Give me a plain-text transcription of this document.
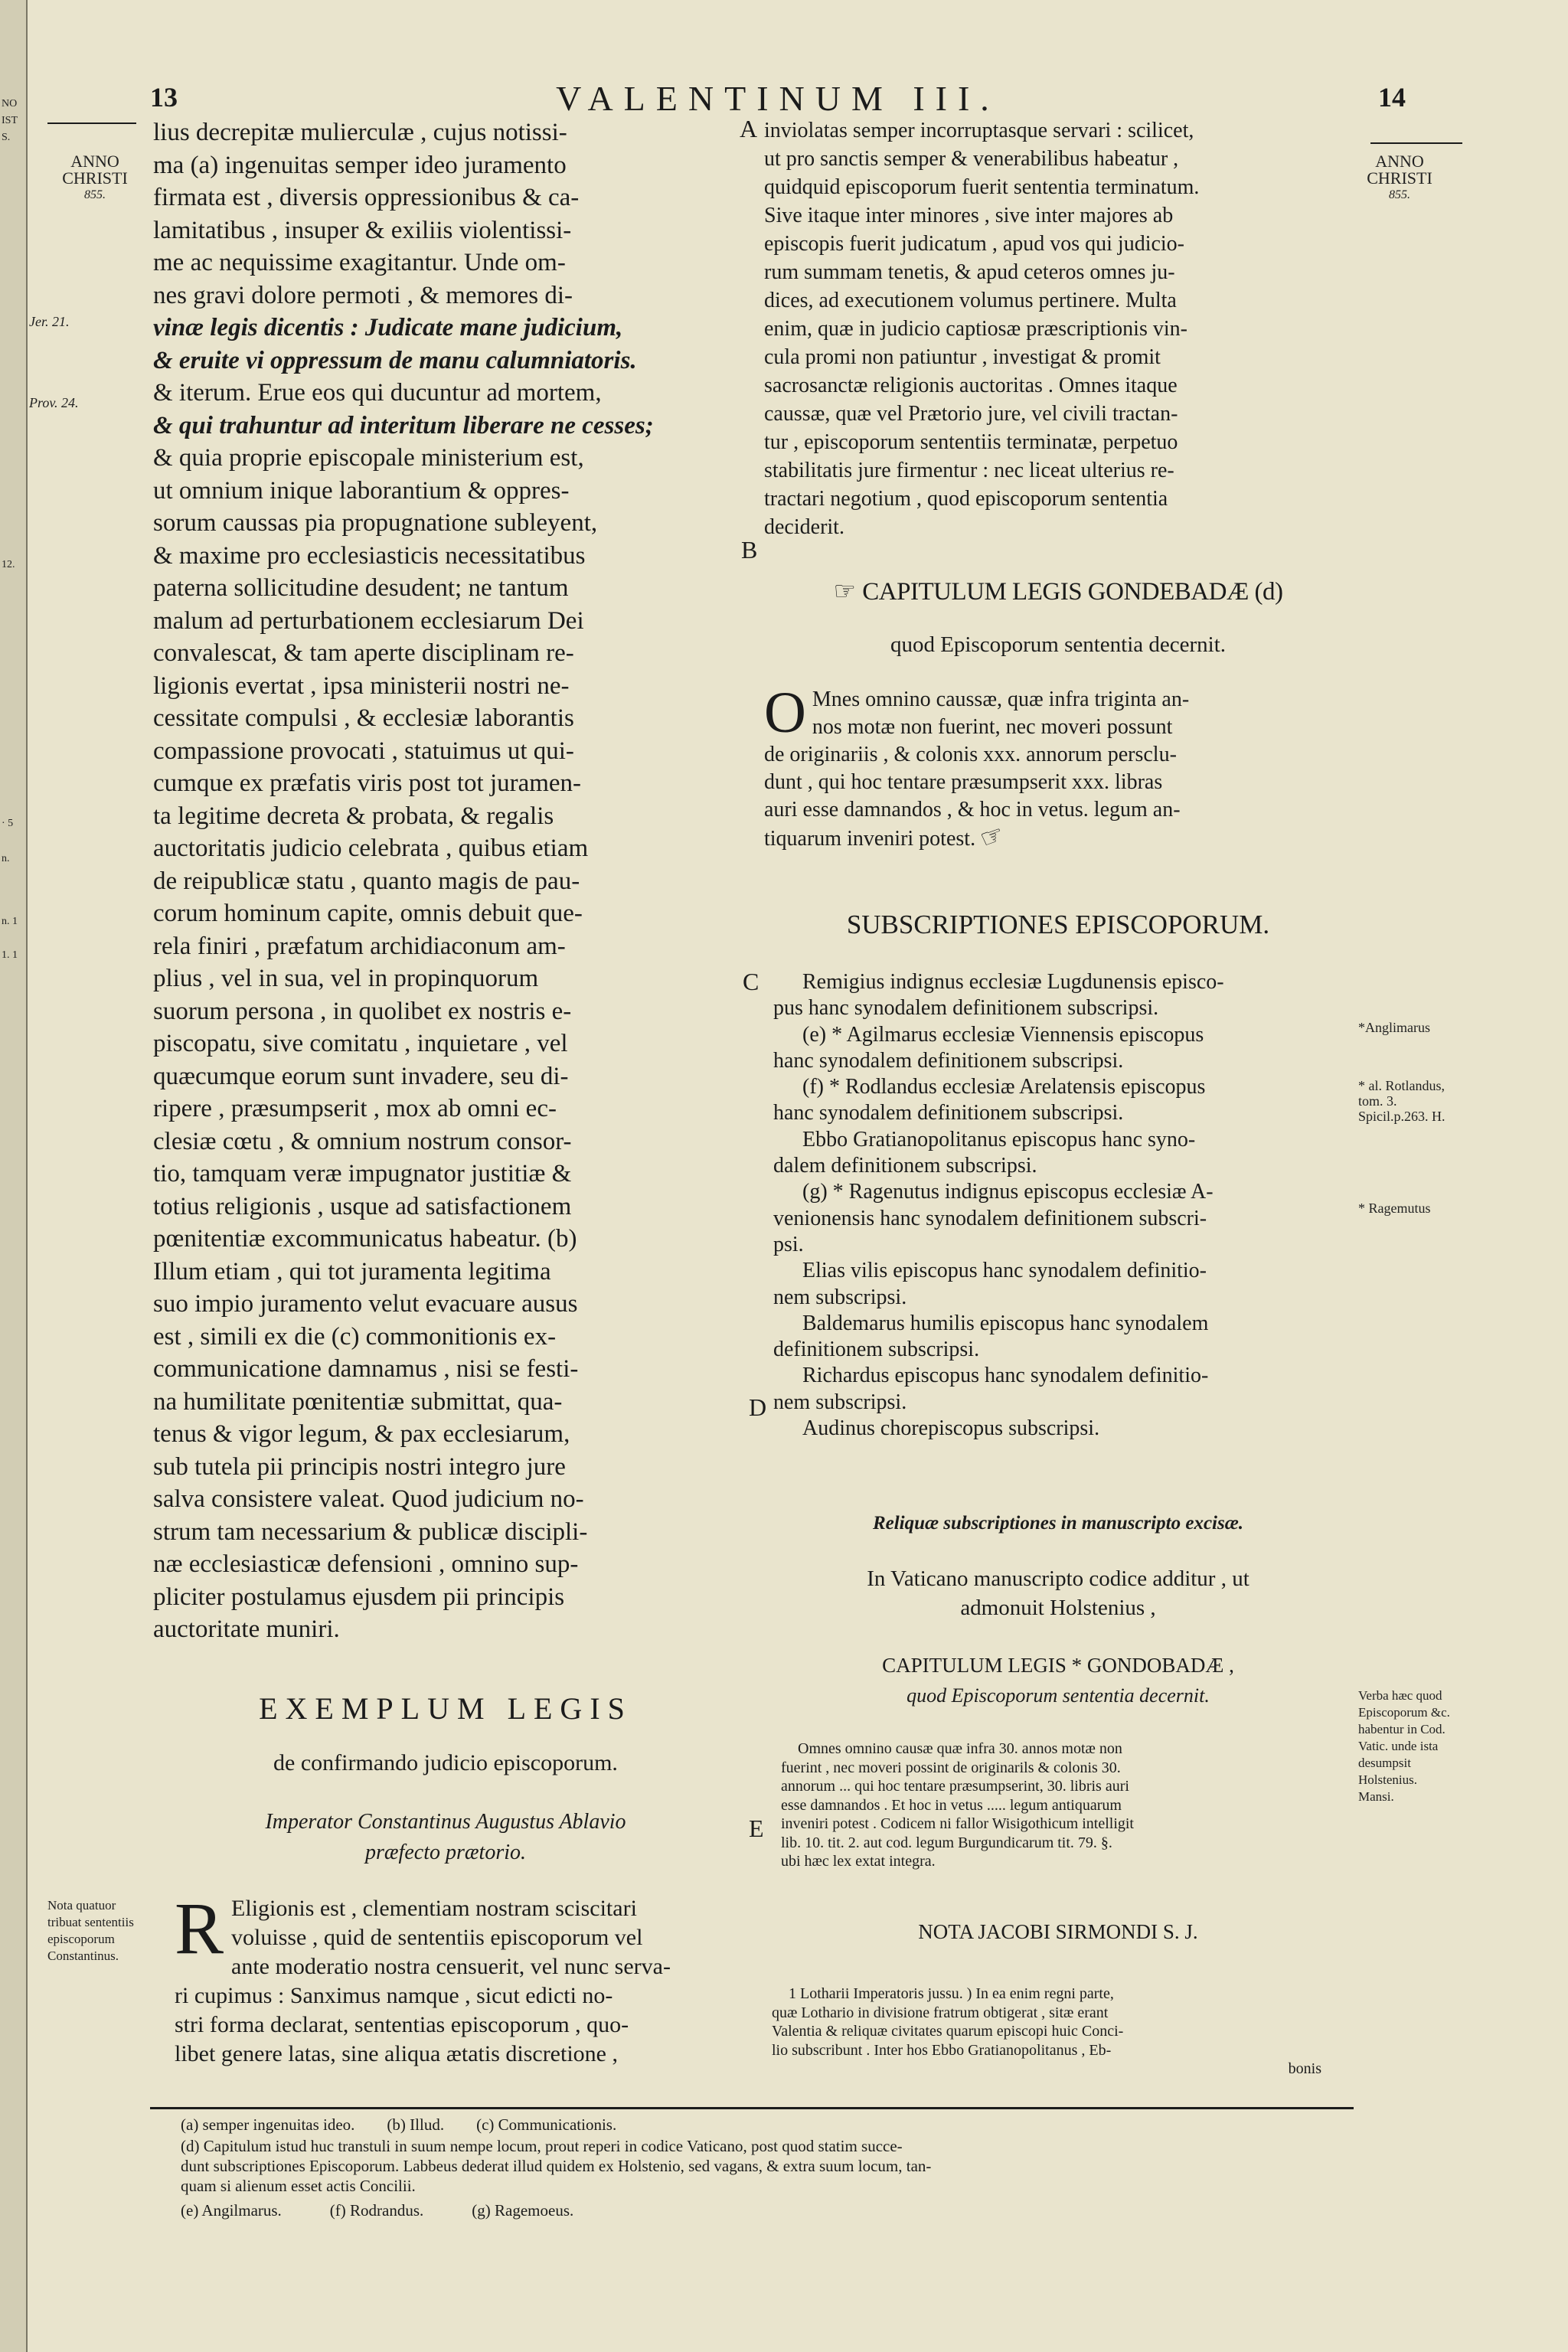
NO
IST
S.
12.
· 5
n.
n. 1
1. 1
13	VALENTINUM III.	14
ANNO
CHRISTI
855.
Jer. 21.
Prov. 24.
Nota quatuor tribuat sententiis episcoporum Constantinus.
ANNO
CHRISTI
855.
*Anglimarus
* al. Rotlandus, tom. 3. Spicil.p.263. H.
* Ragemutus
Verba hæc quod Episcoporum &c. habentur in Cod. Vatic. unde ista desumpsit Holstenius. Mansi.
A
B
C
D
E

lius decrepitæ mulierculæ , cujus notissi-

ma (a) ingenuitas semper ideo juramento

firmata est , diversis oppressionibus & ca-

lamitatibus , insuper & exiliis violentissi-

me ac nequissime exagitantur. Unde om-

nes gravi dolore permoti , & memores di-

vinæ legis dicentis : Judicate mane judicium,

& eruite vi oppressum de manu calumniatoris.

& iterum. Erue eos qui ducuntur ad mortem,

& qui trahuntur ad interitum liberare ne cesses;

& quia proprie episcopale ministerium est,

ut omnium inique laborantium & oppres-

sorum caussas pia propugnatione subleyent,

& maxime pro ecclesiasticis necessitatibus

paterna sollicitudine desudent; ne tantum

malum ad perturbationem ecclesiarum Dei

convalescat, & tam aperte disciplinam re-

ligionis evertat , ipsa ministerii nostri ne-

cessitate compulsi , & ecclesiæ laborantis

compassione provocati , statuimus ut qui-

cumque ex præfatis viris post tot juramen-

ta legitime decreta & probata, & regalis

auctoritatis judicio celebrata , quibus etiam

de reipublicæ statu , quanto magis de pau-

corum hominum capite, omnis debuit que-

rela finiri , præfatum archidiaconum am-

plius , vel in sua, vel in propinquorum

suorum persona , in quolibet ex nostris e-

piscopatu, sive comitatu , inquietare , vel

quæcumque eorum sunt invadere, seu di-

ripere , præsumpserit , mox ab omni ec-

clesiæ cœtu , & omnium nostrum consor-

tio, tamquam veræ impugnator justitiæ &

totius religionis , usque ad satisfactionem

pœnitentiæ excommunicatus habeatur. (b)

Illum etiam , qui tot juramenta legitima

suo impio juramento velut evacuare ausus

est , simili ex die (c) commonitionis ex-

communicatione damnamus , nisi se festi-

na humilitate pœnitentiæ submittat, qua-

tenus & vigor legum, & pax ecclesiarum,

sub tutela pii principis nostri integro jure

salva consistere valeat. Quod judicium no-

strum tam necessarium & publicæ discipli-

næ ecclesiasticæ defensioni , omnino sup-

pliciter postulamus ejusdem pii principis

auctoritate muniri.

EXEMPLUM LEGIS
de confirmando judicio episcoporum.
Imperator Constantinus Augustus Ablavio
præfecto prætorio.
R Eligionis est , clementiam nostram sciscitari

voluisse , quid de sententiis episcoporum vel

ante moderatio nostra censuerit, vel nunc serva-

ri cupimus : Sanximus namque , sicut edicti no-

stri forma declarat, sententias episcoporum , quo-

libet genere latas, sine aliqua ætatis discretione ,

inviolatas semper incorruptasque servari : scilicet,

ut pro sanctis semper & venerabilibus habeatur ,

quidquid episcoporum fuerit sententia terminatum.

Sive itaque inter minores , sive inter majores ab

episcopis fuerit judicatum , apud vos qui judicio-

rum summam tenetis, & apud ceteros omnes ju-

dices, ad executionem volumus pertinere. Multa

enim, quæ in judicio captiosæ præscriptionis vin-

cula promi non patiuntur , investigat & promit

sacrosanctæ religionis auctoritas . Omnes itaque

caussæ, quæ vel Prætorio jure, vel civili tractan-

tur , episcoporum sententiis terminatæ, perpetuo

stabilitatis jure firmentur : nec liceat ulterius re-

tractari negotium , quod episcoporum sententia

deciderit.

☞ CAPITULUM LEGIS GONDEBADÆ (d)
quod Episcoporum sententia decernit.
O Mnes omnino caussæ, quæ infra triginta an-

nos motæ non fuerint, nec moveri possunt

de originariis , & colonis xxx. annorum persclu-

dunt , qui hoc tentare præsumpserit xxx. libras

auri esse damnandos , & hoc in vetus. legum an-

tiquarum inveniri potest. ☞

SUBSCRIPTIONES EPISCOPORUM.

Remigius indignus ecclesiæ Lugdunensis episco-

pus hanc synodalem definitionem subscripsi.

(e) * Agilmarus ecclesiæ Viennensis episcopus

hanc synodalem definitionem subscripsi.

(f) * Rodlandus ecclesiæ Arelatensis episcopus

hanc synodalem definitionem subscripsi.

Ebbo Gratianopolitanus episcopus hanc syno-

dalem definitionem subscripsi.

(g) * Ragenutus indignus episcopus ecclesiæ A-

venionensis hanc synodalem definitionem subscri-

psi.

Elias vilis episcopus hanc synodalem definitio-

nem subscripsi.

Baldemarus humilis episcopus hanc synodalem

definitionem subscripsi.

Richardus episcopus hanc synodalem definitio-

nem subscripsi.

Audinus chorepiscopus subscripsi.

Reliquæ subscriptiones in manuscripto excisæ.
In Vaticano manuscripto codice additur , ut
admonuit Holstenius ,
CAPITULUM LEGIS * GONDOBADÆ ,
quod Episcoporum sententia decernit.

Omnes omnino causæ quæ infra 30. annos motæ non

fuerint , nec moveri possint de originarils & colonis 30.

annorum ... qui hoc tentare præsumpserint, 30. libris auri

esse damnandos . Et hoc in vetus ..... legum antiquarum

inveniri potest . Codicem ni fallor Wisigothicum intelligit

lib. 10. tit. 2. aut cod. legum Burgundicarum tit. 79. §.

ubi hæc lex extat integra.

NOTA JACOBI SIRMONDI S. J.

1 Lotharii Imperatoris jussu. ) In ea enim regni parte,

quæ Lothario in divisione fratrum obtigerat , sitæ erant

Valentia & reliquæ civitates quarum episcopi huic Conci-

lio subscribunt . Inter hos Ebbo Gratianopolitanus , Eb-

bonis

(a) semper ingenuitas ideo.        (b) Illud.        (c) Communicationis.
(d) Capitulum istud huc transtuli in suum nempe locum, prout reperi in codice Vaticano, post quod statim succe-
dunt subscriptiones Episcoporum. Labbeus dederat illud quidem ex Holstenio, sed vagans, & extra suum locum, tan-
quam si alienum esset actis Concilii.
(e) Angilmarus.            (f) Rodrandus.            (g) Ragemoeus.
